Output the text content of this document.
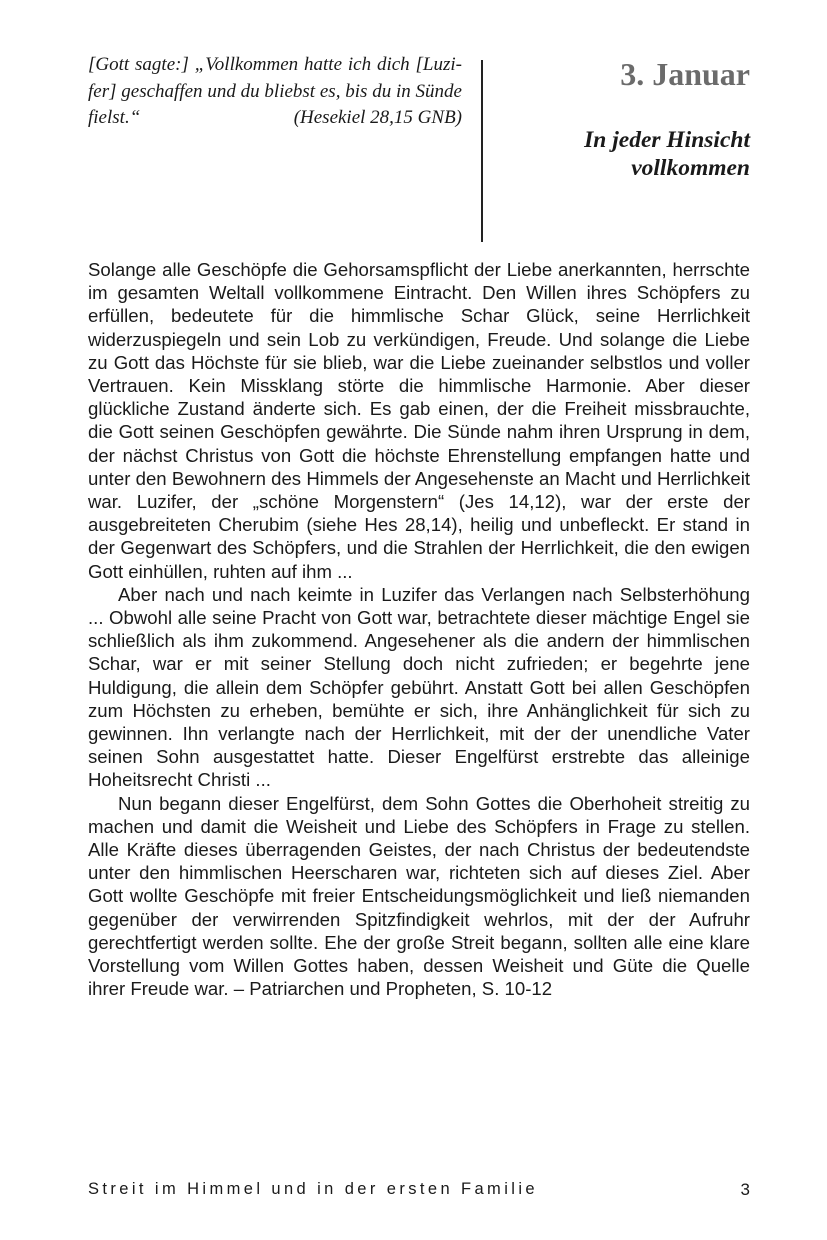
[Gott sagte:] „Vollkommen hatte ich dich [Luzifer] geschaffen und du bliebst es, bis du in Sünde fielst.“	(Hesekiel 28,15 GNB)
3. Januar
In jeder Hinsicht vollkommen

Solange alle Geschöpfe die Gehorsamspflicht der Liebe anerkannten, herrschte im gesamten Weltall vollkommene Eintracht. Den Willen ihres Schöpfers zu erfüllen, bedeutete für die himmlische Schar Glück, seine Herrlichkeit widerzuspiegeln und sein Lob zu verkündigen, Freude. Und solange die Liebe zu Gott das Höchste für sie blieb, war die Liebe zueinander selbstlos und voller Vertrauen. Kein Missklang störte die himmlische Harmonie. Aber dieser glückliche Zustand änderte sich. Es gab einen, der die Freiheit missbrauchte, die Gott seinen Geschöpfen gewährte. Die Sünde nahm ihren Ursprung in dem, der nächst Christus von Gott die höchste Ehrenstellung empfangen hatte und unter den Bewohnern des Himmels der Angesehenste an Macht und Herrlichkeit war. Luzifer, der „schöne Morgenstern“ (Jes 14,12), war der erste der ausgebreiteten Cherubim (siehe Hes 28,14), heilig und unbefleckt. Er stand in der Gegenwart des Schöpfers, und die Strahlen der Herrlichkeit, die den ewigen Gott einhüllen, ruhten auf ihm ...

Aber nach und nach keimte in Luzifer das Verlangen nach Selbsterhöhung ... Obwohl alle seine Pracht von Gott war, betrachtete dieser mächtige Engel sie schließlich als ihm zukommend. Angesehener als die andern der himmlischen Schar, war er mit seiner Stellung doch nicht zufrieden; er begehrte jene Huldigung, die allein dem Schöpfer gebührt. Anstatt Gott bei allen Geschöpfen zum Höchsten zu erheben, bemühte er sich, ihre Anhänglichkeit für sich zu gewinnen. Ihn verlangte nach der Herrlichkeit, mit der der unendliche Vater seinen Sohn ausgestattet hatte. Dieser Engelfürst erstrebte das alleinige Hoheitsrecht Christi ...

Nun begann dieser Engelfürst, dem Sohn Gottes die Oberhoheit streitig zu machen und damit die Weisheit und Liebe des Schöpfers in Frage zu stellen. Alle Kräfte dieses überragenden Geistes, der nach Christus der bedeutendste unter den himmlischen Heerscharen war, richteten sich auf dieses Ziel. Aber Gott wollte Geschöpfe mit freier Entscheidungsmöglichkeit und ließ niemanden gegenüber der verwirrenden Spitzfindigkeit wehrlos, mit der der Aufruhr gerechtfertigt werden sollte. Ehe der große Streit begann, sollten alle eine klare Vorstellung vom Willen Gottes haben, dessen Weisheit und Güte die Quelle ihrer Freude war. – Patriarchen und Propheten, S. 10-12

Streit im Himmel und in der ersten Familie	3
